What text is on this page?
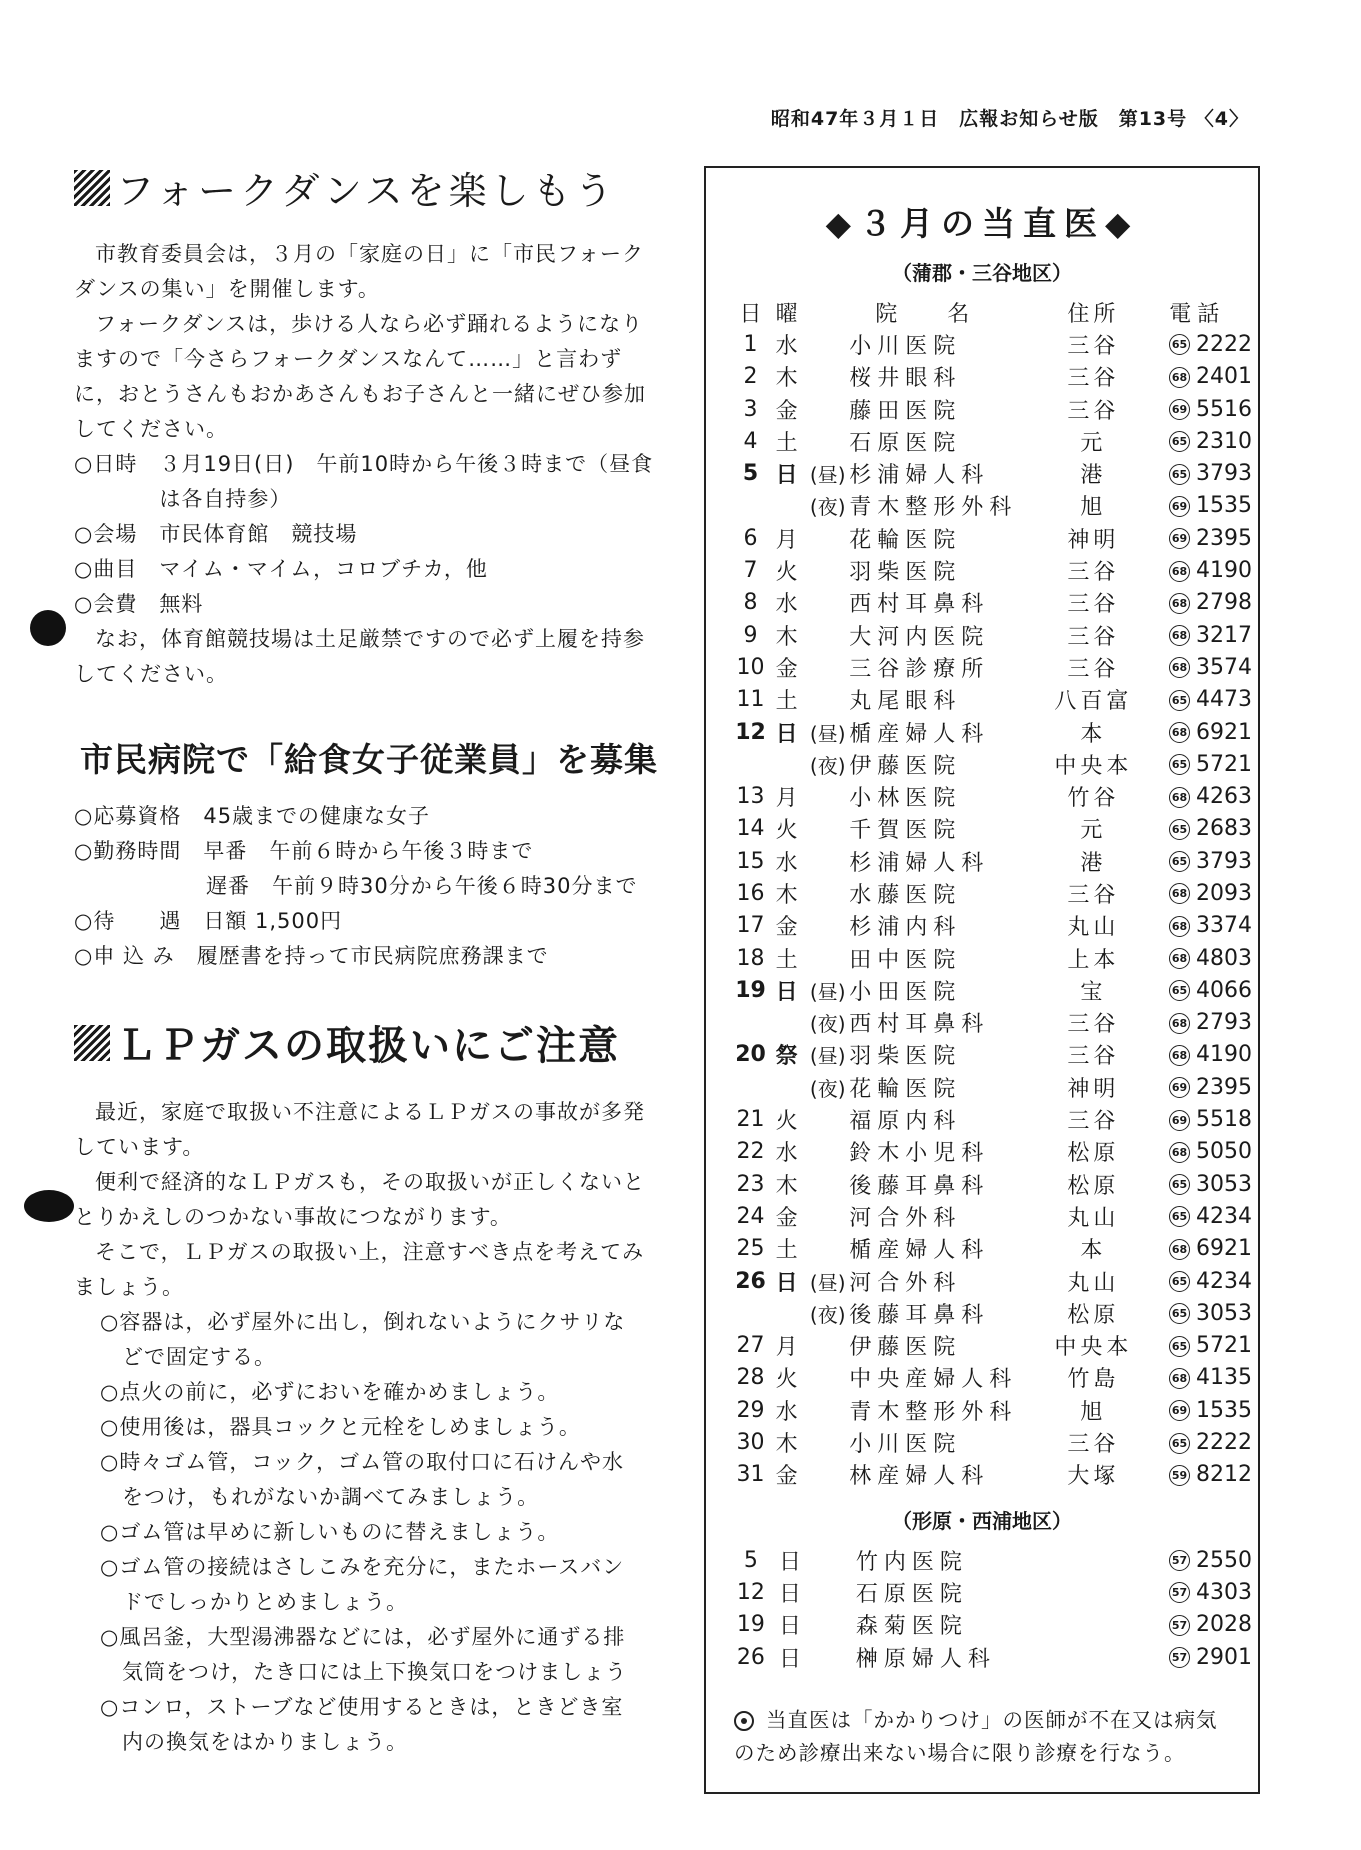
昭和47年３月１日　広報お知らせ版　第13号 〈4〉
フォークダンスを楽しもう

市教育委員会は，３月の「家庭の日」に「市民フォークダンスの集い」を開催します。

フォークダンスは，歩ける人なら必ず踊れるようになりますので「今さらフォークダンスなんて……」と言わずに，おとうさんもおかあさんもお子さんと一緒にぜひ参加してください。

○日時　 ３月19日(日)　午前10時から午後３時まで（昼食は各自持参）
○会場　 市民体育館　競技場
○曲目　 マイム・マイム，コロブチカ，他
○会費　 無料

なお，体育館競技場は土足厳禁ですので必ず上履を持参してください。

市民病院で「給食女子従業員」を募集
○応募資格　 45歳までの健康な女子
○勤務時間　 早番　午前６時から午後３時まで

遅番　午前９時30分から午後６時30分まで
○待　　遇　 日額 1,500円
○申 込 み　 履歴書を持って市民病院庶務課まで
ＬＰガスの取扱いにご注意

最近，家庭で取扱い不注意によるＬＰガスの事故が多発しています。

便利で経済的なＬＰガスも，その取扱いが正しくないととりかえしのつかない事故につながります。

そこで，ＬＰガスの取扱い上，注意すべき点を考えてみましょう。

○容器は，必ず屋外に出し，倒れないようにクサリな
どで固定する。
○点火の前に，必ずにおいを確かめましょう。
○使用後は，器具コックと元栓をしめましょう。
○時々ゴム管，コック，ゴム管の取付口に石けんや水
をつけ，もれがないか調べてみましょう。
○ゴム管は早めに新しいものに替えましょう。
○ゴム管の接続はさしこみを充分に，またホースバン
ドでしっかりとめましょう。
○風呂釜，大型湯沸器などには，必ず屋外に通ずる排
気筒をつけ，たき口には上下換気口をつけましょう
○コンロ，ストーブなど使用するときは，ときどき室
内の換気をはかりましょう。
◆３月の当直医◆
（蒲郡・三谷地区）
日	曜		院　　名	住所	電話
1	水		小川医院	三谷	65 2222
2	木		桜井眼科	三谷	68 2401
3	金		藤田医院	三谷	69 5516
4	土		石原医院	元	65 2310
5	日	(昼)	杉浦婦人科	港	65 3793
		(夜)	青木整形外科	旭	69 1535
6	月		花輪医院	神明	69 2395
7	火		羽柴医院	三谷	68 4190
8	水		西村耳鼻科	三谷	68 2798
9	木		大河内医院	三谷	68 3217
10	金		三谷診療所	三谷	68 3574
11	土		丸尾眼科	八百富	65 4473
12	日	(昼)	楯産婦人科	本	68 6921
		(夜)	伊藤医院	中央本	65 5721
13	月		小林医院	竹谷	68 4263
14	火		千賀医院	元	65 2683
15	水		杉浦婦人科	港	65 3793
16	木		水藤医院	三谷	68 2093
17	金		杉浦内科	丸山	68 3374
18	土		田中医院	上本	68 4803
19	日	(昼)	小田医院	宝	65 4066
		(夜)	西村耳鼻科	三谷	68 2793
20	祭	(昼)	羽柴医院	三谷	68 4190
		(夜)	花輪医院	神明	69 2395
21	火		福原内科	三谷	69 5518
22	水		鈴木小児科	松原	68 5050
23	木		後藤耳鼻科	松原	65 3053
24	金		河合外科	丸山	65 4234
25	土		楯産婦人科	本	68 6921
26	日	(昼)	河合外科	丸山	65 4234
		(夜)	後藤耳鼻科	松原	65 3053
27	月		伊藤医院	中央本	65 5721
28	火		中央産婦人科	竹島	68 4135
29	水		青木整形外科	旭	69 1535
30	木		小川医院	三谷	65 2222
31	金		林産婦人科	大塚	59 8212
（形原・西浦地区）
5	日		竹内医院		57 2550
12	日		石原医院		57 4303
19	日		森菊医院		57 2028
26	日		榊原婦人科		57 2901
当直医は「かかりつけ」の医師が不在又は病気のため診療出来ない場合に限り診療を行なう。
